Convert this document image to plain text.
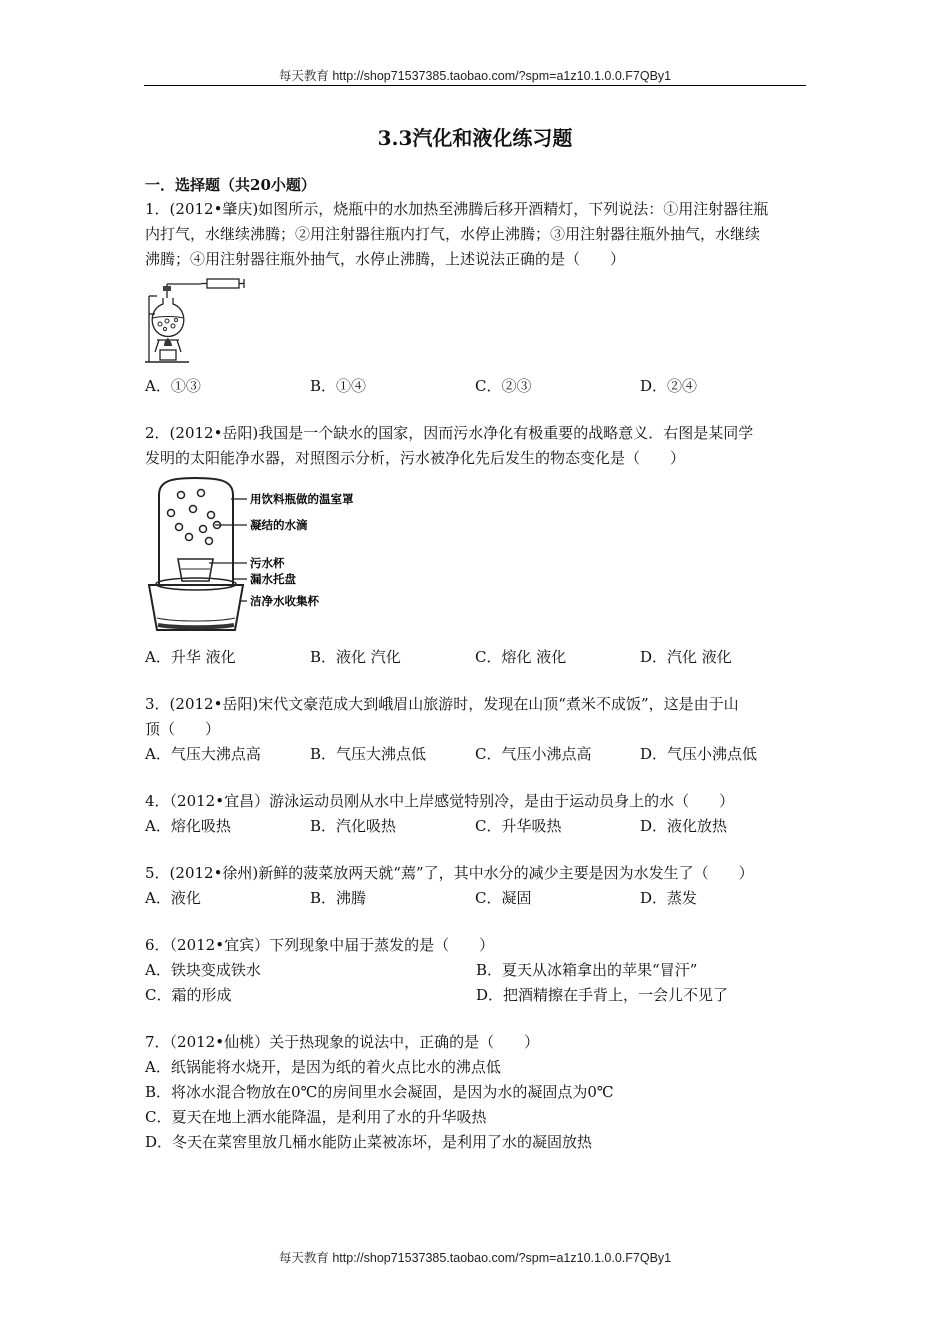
每天教育 http://shop71537385.taobao.com/?spm=a1z10.1.0.0.F7QBy1
3.3汽化和液化练习题
一．选择题（共20小题）
1．(2012•肇庆)如图所示，烧瓶中的水加热至沸腾后移开酒精灯，下列说法：①用注射器往瓶
内打气，水继续沸腾；②用注射器往瓶内打气，水停止沸腾；③用注射器往瓶外抽气，水继续
沸腾；④用注射器往瓶外抽气，水停止沸腾，上述说法正确的是（　　）
A．①③	B．①④	C．②③	D．②④
2．(2012•岳阳)我国是一个缺水的国家，因而污水净化有极重要的战略意义．右图是某同学
发明的太阳能净水器，对照图示分析，污水被净化先后发生的物态变化是（　　）
用饮料瓶做的温室罩
凝结的水滴
污水杯
漏水托盘
洁净水收集杯
A．升华 液化	B．液化 汽化	C．熔化 液化	D．汽化 液化
3．(2012•岳阳)宋代文豪范成大到峨眉山旅游时，发现在山顶“煮米不成饭”，这是由于山
顶（　　）
A．气压大沸点高	B．气压大沸点低	C．气压小沸点高	D．气压小沸点低
4．（2012•宜昌）游泳运动员刚从水中上岸感觉特别冷，是由于运动员身上的水（　　）
A．熔化吸热	B．汽化吸热	C．升华吸热	D．液化放热
5．(2012•徐州)新鲜的菠菜放两天就“蔫”了，其中水分的减少主要是因为水发生了（　　）
A．液化	B．沸腾	C．凝固	D．蒸发
6．（2012•宜宾）下列现象中届于蒸发的是（　　）
A．铁块变成铁水	B．夏天从冰箱拿出的苹果“冒汗”
C．霜的形成	D．把酒精擦在手背上，一会儿不见了
7．（2012•仙桃）关于热现象的说法中，正确的是（　　）
A．纸锅能将水烧开，是因为纸的着火点比水的沸点低
B．将冰水混合物放在0℃的房间里水会凝固，是因为水的凝固点为0℃
C．夏天在地上洒水能降温，是利用了水的升华吸热
D．冬天在菜窖里放几桶水能防止菜被冻坏，是利用了水的凝固放热
每天教育 http://shop71537385.taobao.com/?spm=a1z10.1.0.0.F7QBy1
